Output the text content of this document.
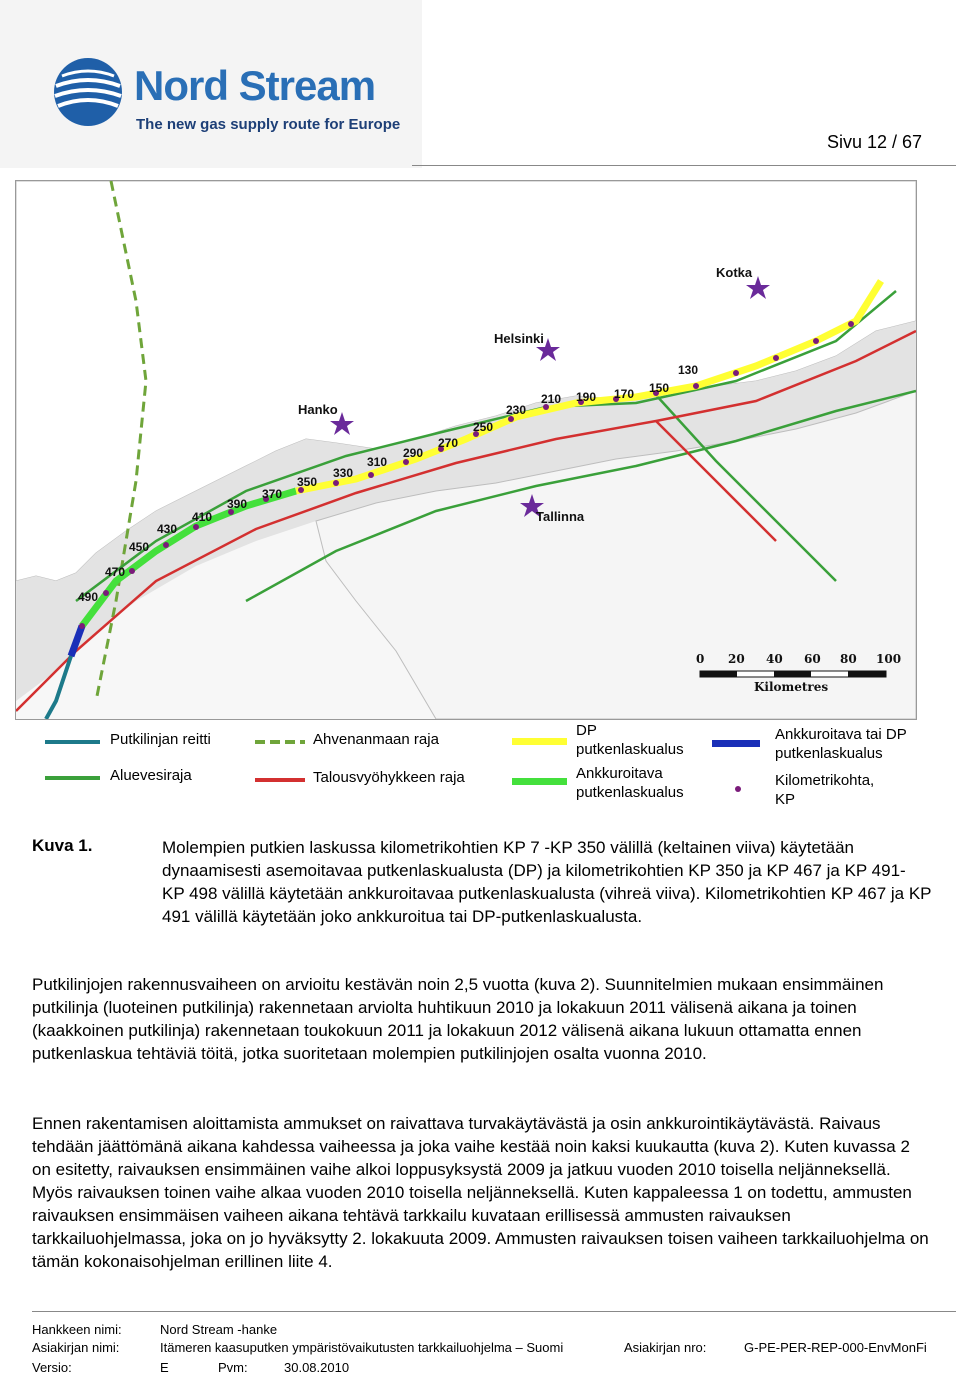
Nord Stream
The new gas supply route for Europe
Sivu 12 / 67
Kotka
Helsinki
Hanko
Tallinna
130
150
170
190
210
230
250
270
290
310
330
350
370
390
410
430
450
470
490
0 20 40 60 80 100
Kilometres
Putkilinjan reitti
Aluevesiraja
Ahvenanmaan raja
Talousvyöhykkeen raja
DP
putkenlaskualus
Ankkuroitava
putkenlaskualus
Ankkuroitava tai DP
putkenlaskualus
Kilometrikohta,
KP
Kuva 1.	Molempien putkien laskussa kilometrikohtien KP 7 -KP 350 välillä (keltainen viiva) käytetään dynaamisesti asemoitavaa putkenlaskualusta (DP) ja kilometrikohtien KP 350 ja KP 467 ja KP 491- KP 498 välillä käytetään ankkuroitavaa putkenlaskualusta (vihreä viiva). Kilometrikohtien KP 467 ja KP 491 välillä käytetään joko ankkuroitua tai DP-putkenlaskualusta.
Putkilinjojen rakennusvaiheen on arvioitu kestävän noin 2,5 vuotta (kuva 2). Suunnitelmien mukaan ensimmäinen putkilinja (luoteinen putkilinja) rakennetaan arviolta huhtikuun 2010 ja lokakuun 2011 välisenä aikana ja toinen (kaakkoinen putkilinja) rakennetaan toukokuun 2011 ja lokakuun 2012 välisenä aikana lukuun ottamatta ennen putkenlaskua tehtäviä töitä, jotka suoritetaan molempien putkilinjojen osalta vuonna 2010.
Ennen rakentamisen aloittamista ammukset on raivattava turvakäytävästä ja osin ankkurointikäytävästä. Raivaus tehdään jäättömänä aikana kahdessa vaiheessa ja joka vaihe kestää noin kaksi kuukautta (kuva 2). Kuten kuvassa 2 on esitetty, raivauksen ensimmäinen vaihe alkoi loppusyksystä 2009 ja jatkuu vuoden 2010 toisella neljänneksellä. Myös raivauksen toinen vaihe alkaa vuoden 2010 toisella neljänneksellä. Kuten kappaleessa 1 on todettu, ammusten raivauksen ensimmäisen vaiheen aikana tehtävä tarkkailu kuvataan erillisessä ammusten raivauksen tarkkailuohjelmassa, joka on jo hyväksytty 2. lokakuuta 2009. Ammusten raivauksen toisen vaiheen tarkkailuohjelma on tämän kokonaisohjelman erillinen liite 4.
Hankkeen nimi:	Nord Stream -hanke
Asiakirjan nimi:	Itämeren kaasuputken ympäristövaikutusten tarkkailuohjelma – Suomi	Asiakirjan nro:	G-PE-PER-REP-000-EnvMonFi
Versio:	E	Pvm:	30.08.2010
